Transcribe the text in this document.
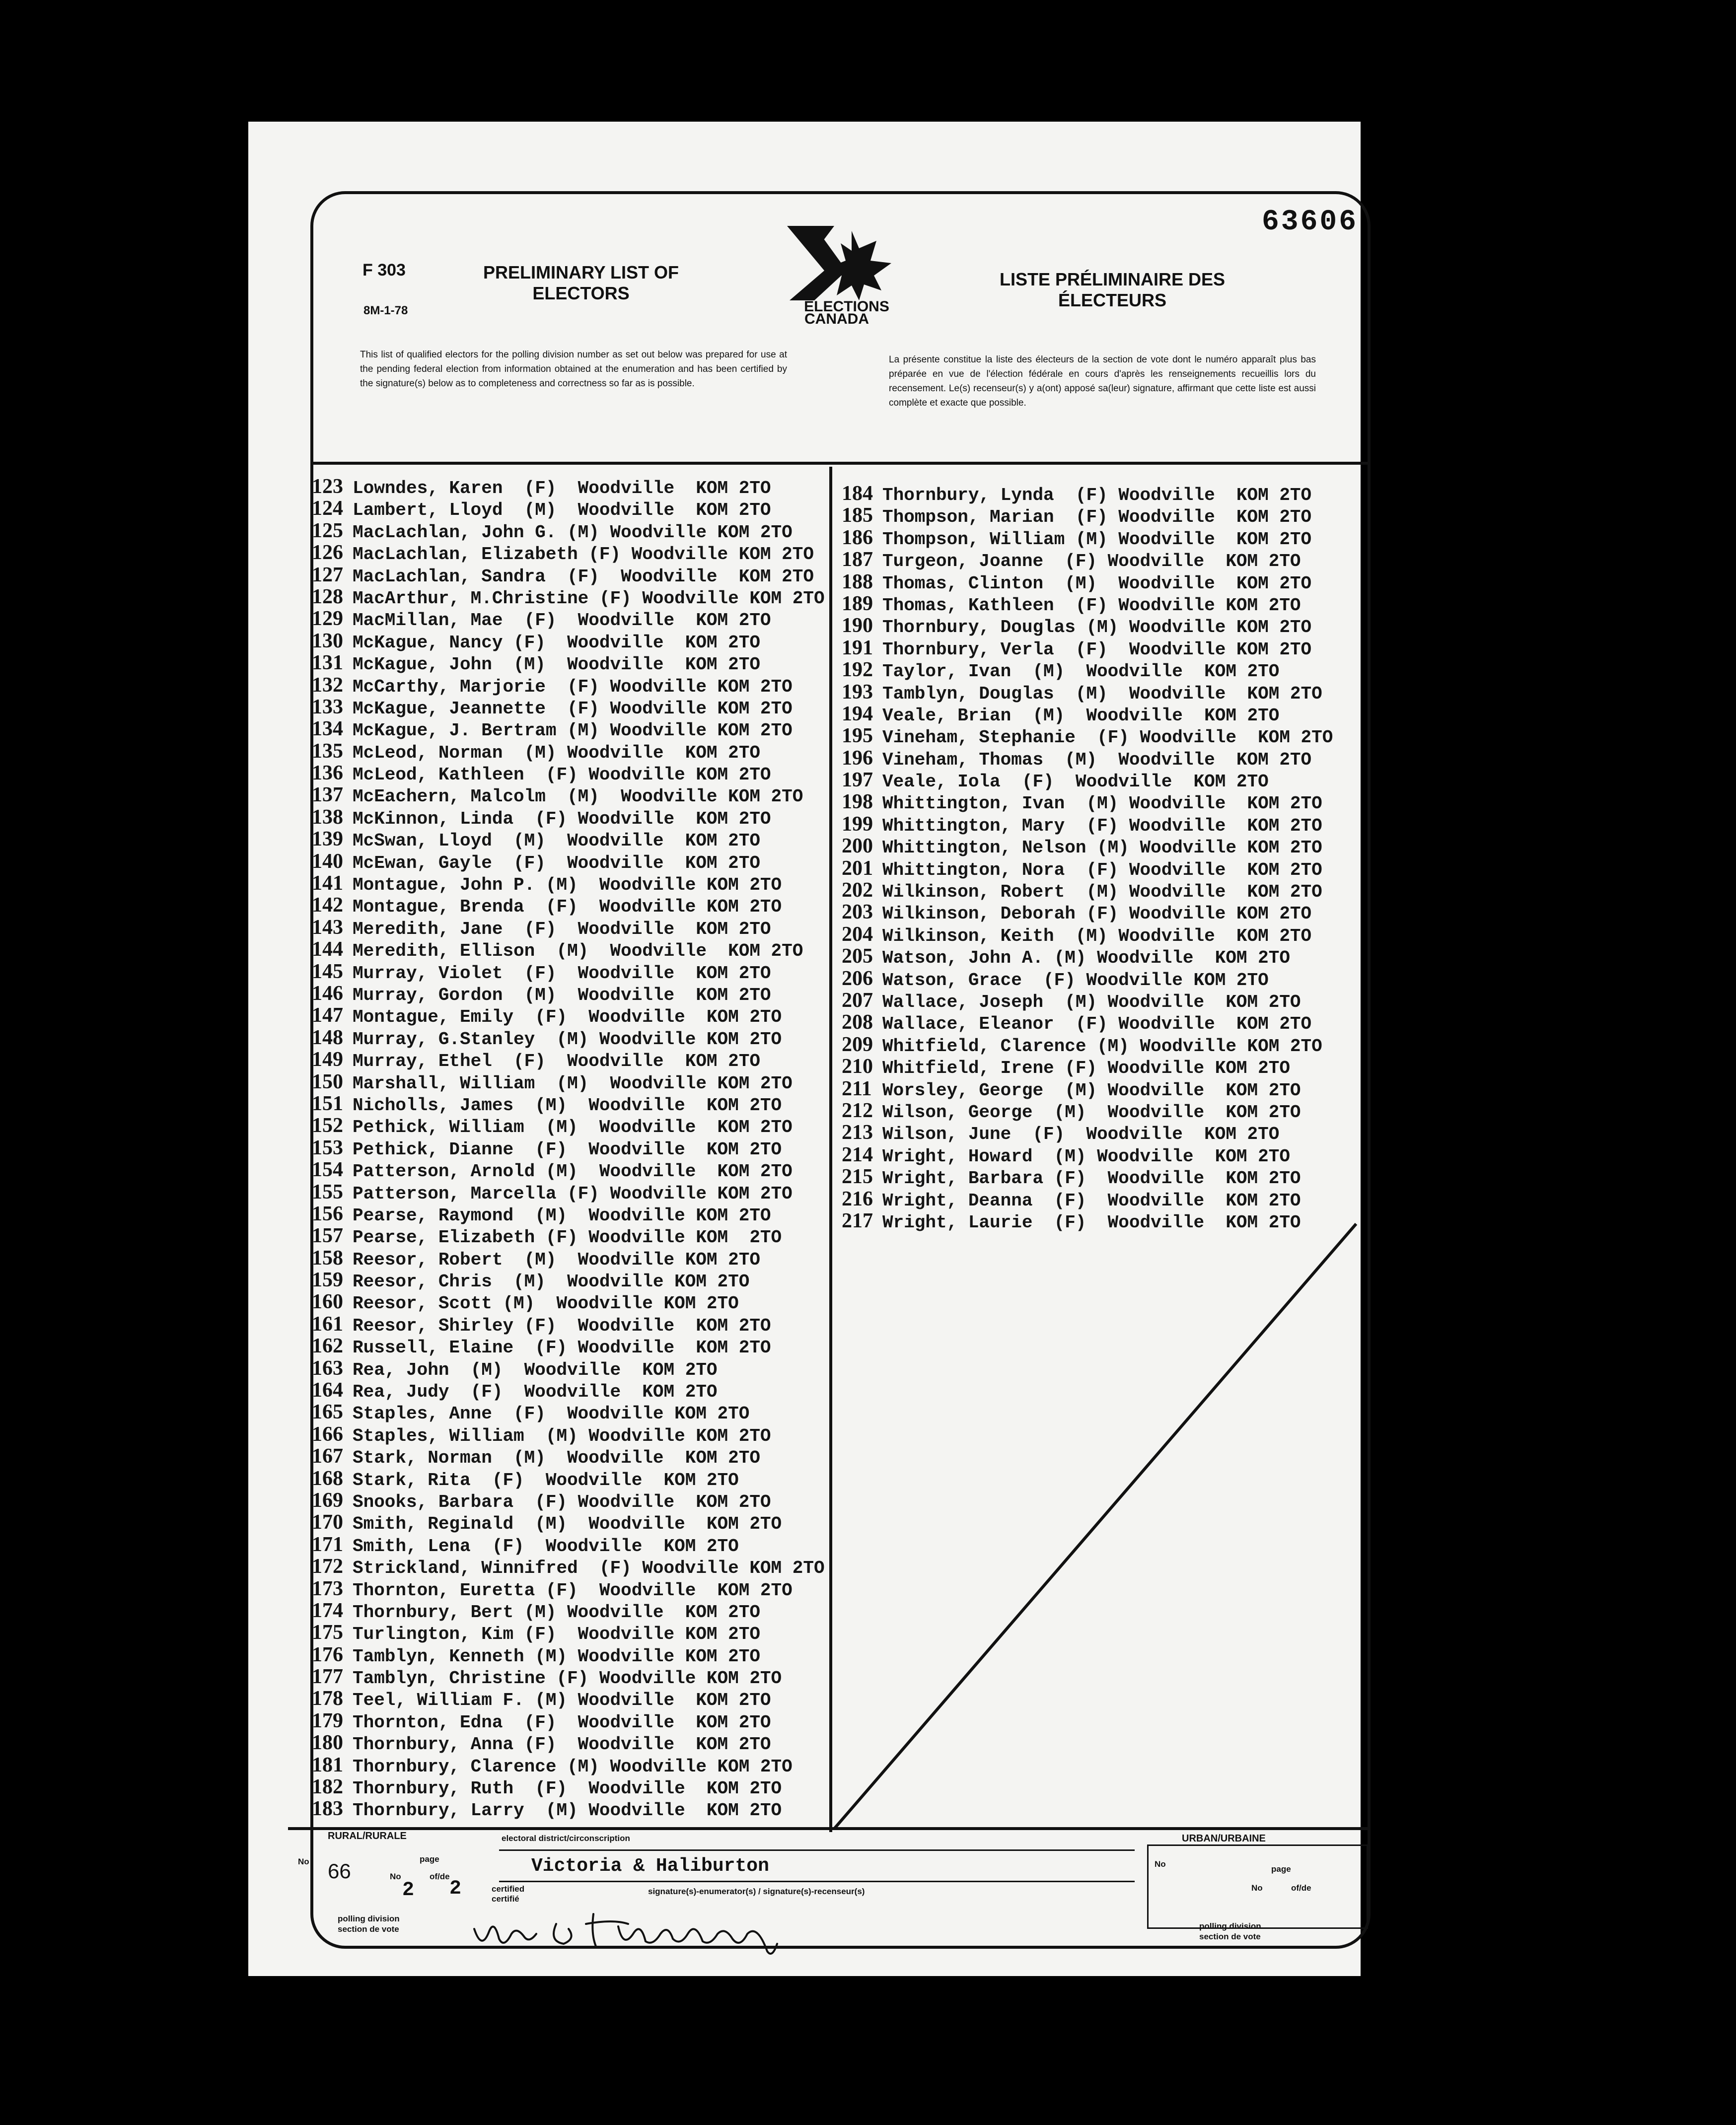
63606
F 303
8M-1-78
PRELIMINARY LIST OF
ELECTORS
LISTE PRÉLIMINAIRE DES
ÉLECTEURS
ELECTIONS
CANADA
This list of qualified electors for the polling division number as set out below was prepared for use at the pending federal election from information obtained at the enumeration and has been certified by the signature(s) below as to completeness and correctness so far as is possible.
La présente constitue la liste des électeurs de la section de vote dont le numéro apparaît plus bas préparée en vue de l'élection fédérale en cours d'après les renseignements recueillis lors du recensement. Le(s) recenseur(s) y a(ont) apposé sa(leur) signature, affirmant que cette liste est aussi complète et exacte que possible.
123 Lowndes, Karen  (F)  Woodville  KOM 2TO
124 Lambert, Lloyd  (M)  Woodville  KOM 2TO
125 MacLachlan, John G. (M) Woodville KOM 2TO
126 MacLachlan, Elizabeth (F) Woodville KOM 2TO
127 MacLachlan, Sandra  (F)  Woodville  KOM 2TO
128 MacArthur, M.Christine (F) Woodville KOM 2TO
129 MacMillan, Mae  (F)  Woodville  KOM 2TO
130 McKague, Nancy (F)  Woodville  KOM 2TO
131 McKague, John  (M)  Woodville  KOM 2TO
132 McCarthy, Marjorie  (F) Woodville KOM 2TO
133 McKague, Jeannette  (F) Woodville KOM 2TO
134 McKague, J. Bertram (M) Woodville KOM 2TO
135 McLeod, Norman  (M) Woodville  KOM 2TO
136 McLeod, Kathleen  (F) Woodville KOM 2TO
137 McEachern, Malcolm  (M)  Woodville KOM 2TO
138 McKinnon, Linda  (F) Woodville  KOM 2TO
139 McSwan, Lloyd  (M)  Woodville  KOM 2TO
140 McEwan, Gayle  (F)  Woodville  KOM 2TO
141 Montague, John P. (M)  Woodville KOM 2TO
142 Montague, Brenda  (F)  Woodville KOM 2TO
143 Meredith, Jane  (F)  Woodville  KOM 2TO
144 Meredith, Ellison  (M)  Woodville  KOM 2TO
145 Murray, Violet  (F)  Woodville  KOM 2TO
146 Murray, Gordon  (M)  Woodville  KOM 2TO
147 Montague, Emily  (F)  Woodville  KOM 2TO
148 Murray, G.Stanley  (M) Woodville KOM 2TO
149 Murray, Ethel  (F)  Woodville  KOM 2TO
150 Marshall, William  (M)  Woodville KOM 2TO
151 Nicholls, James  (M)  Woodville  KOM 2TO
152 Pethick, William  (M)  Woodville  KOM 2TO
153 Pethick, Dianne  (F)  Woodville  KOM 2TO
154 Patterson, Arnold (M)  Woodville  KOM 2TO
155 Patterson, Marcella (F) Woodville KOM 2TO
156 Pearse, Raymond  (M)  Woodville KOM 2TO
157 Pearse, Elizabeth (F) Woodville KOM  2TO
158 Reesor, Robert  (M)  Woodville KOM 2TO
159 Reesor, Chris  (M)  Woodville KOM 2TO
160 Reesor, Scott (M)  Woodville KOM 2TO
161 Reesor, Shirley (F)  Woodville  KOM 2TO
162 Russell, Elaine  (F) Woodville  KOM 2TO
163 Rea, John  (M)  Woodville  KOM 2TO
164 Rea, Judy  (F)  Woodville  KOM 2TO
165 Staples, Anne  (F)  Woodville KOM 2TO
166 Staples, William  (M) Woodville KOM 2TO
167 Stark, Norman  (M)  Woodville  KOM 2TO
168 Stark, Rita  (F)  Woodville  KOM 2TO
169 Snooks, Barbara  (F) Woodville  KOM 2TO
170 Smith, Reginald  (M)  Woodville  KOM 2TO
171 Smith, Lena  (F)  Woodville  KOM 2TO
172 Strickland, Winnifred  (F) Woodville KOM 2TO
173 Thornton, Euretta (F)  Woodville  KOM 2TO
174 Thornbury, Bert (M) Woodville  KOM 2TO
175 Turlington, Kim (F)  Woodville KOM 2TO
176 Tamblyn, Kenneth (M) Woodville KOM 2TO
177 Tamblyn, Christine (F) Woodville KOM 2TO
178 Teel, William F. (M) Woodville  KOM 2TO
179 Thornton, Edna  (F)  Woodville  KOM 2TO
180 Thornbury, Anna (F)  Woodville  KOM 2TO
181 Thornbury, Clarence (M) Woodville KOM 2TO
182 Thornbury, Ruth  (F)  Woodville  KOM 2TO
183 Thornbury, Larry  (M) Woodville  KOM 2TO
184 Thornbury, Lynda  (F) Woodville  KOM 2TO
185 Thompson, Marian  (F) Woodville  KOM 2TO
186 Thompson, William (M) Woodville  KOM 2TO
187 Turgeon, Joanne  (F) Woodville  KOM 2TO
188 Thomas, Clinton  (M)  Woodville  KOM 2TO
189 Thomas, Kathleen  (F) Woodville KOM 2TO
190 Thornbury, Douglas (M) Woodville KOM 2TO
191 Thornbury, Verla  (F)  Woodville KOM 2TO
192 Taylor, Ivan  (M)  Woodville  KOM 2TO
193 Tamblyn, Douglas  (M)  Woodville  KOM 2TO
194 Veale, Brian  (M)  Woodville  KOM 2TO
195 Vineham, Stephanie  (F) Woodville  KOM 2TO
196 Vineham, Thomas  (M)  Woodville  KOM 2TO
197 Veale, Iola  (F)  Woodville  KOM 2TO
198 Whittington, Ivan  (M) Woodville  KOM 2TO
199 Whittington, Mary  (F) Woodville  KOM 2TO
200 Whittington, Nelson (M) Woodville KOM 2TO
201 Whittington, Nora  (F) Woodville  KOM 2TO
202 Wilkinson, Robert  (M) Woodville  KOM 2TO
203 Wilkinson, Deborah (F) Woodville KOM 2TO
204 Wilkinson, Keith  (M) Woodville  KOM 2TO
205 Watson, John A. (M) Woodville  KOM 2TO
206 Watson, Grace  (F) Woodville KOM 2TO
207 Wallace, Joseph  (M) Woodville  KOM 2TO
208 Wallace, Eleanor  (F) Woodville  KOM 2TO
209 Whitfield, Clarence (M) Woodville KOM 2TO
210 Whitfield, Irene (F) Woodville KOM 2TO
211 Worsley, George  (M) Woodville  KOM 2TO
212 Wilson, George  (M)  Woodville  KOM 2TO
213 Wilson, June  (F)  Woodville  KOM 2TO
214 Wright, Howard  (M) Woodville  KOM 2TO
215 Wright, Barbara (F)  Woodville  KOM 2TO
216 Wright, Deanna  (F)  Woodville  KOM 2TO
217 Wright, Laurie  (F)  Woodville  KOM 2TO
RURAL/RURALE	electoral district/circonscription
Victoria & Haliburton
No 66
page
No
2
of/de
2	certified
certifié
signature(s)-enumerator(s) / signature(s)-recenseur(s)
polling division
section de vote
URBAN/URBAINE
No
page
No	of/de
polling division
section de vote
